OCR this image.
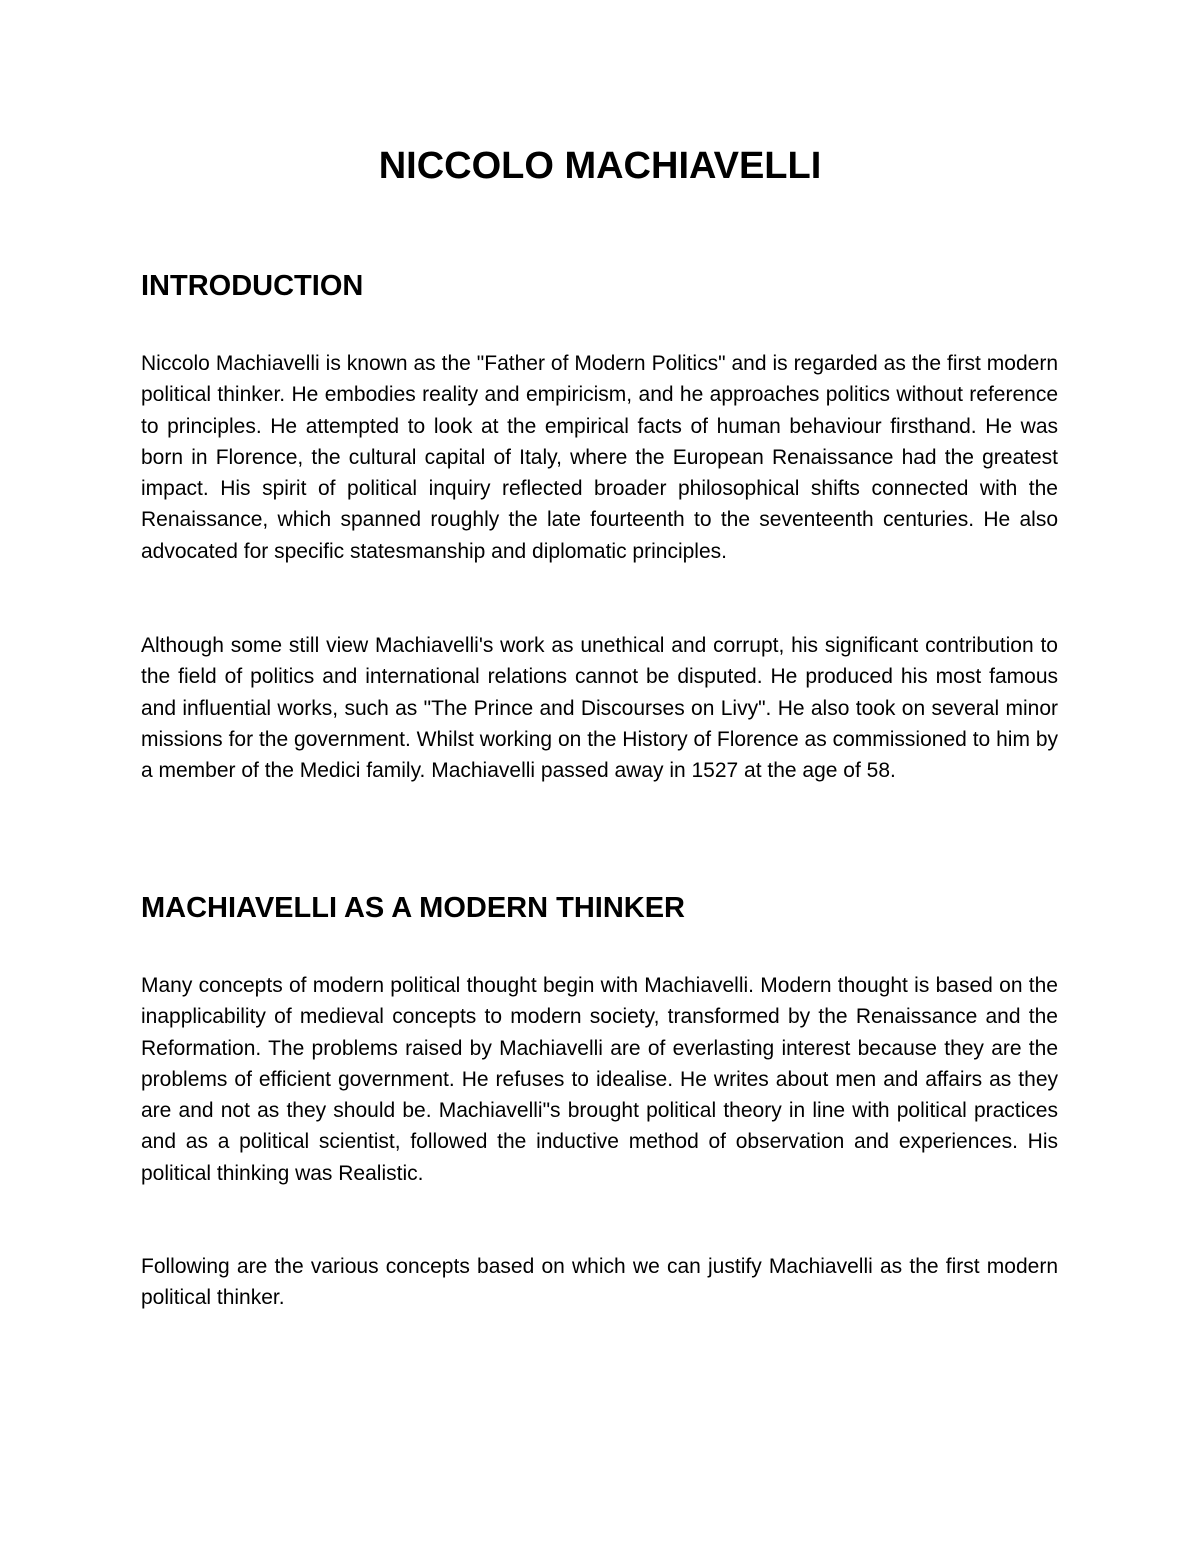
NICCOLO MACHIAVELLI
INTRODUCTION

Niccolo Machiavelli is known as the "Father of Modern Politics" and is regarded as the first modern political thinker. He embodies reality and empiricism, and he approaches politics without reference to principles. He attempted to look at the empirical facts of human behaviour firsthand. He was born in Florence, the cultural capital of Italy, where the European Renaissance had the greatest impact. His spirit of political inquiry reflected broader philosophical shifts connected with the Renaissance, which spanned roughly the late fourteenth to the seventeenth centuries. He also advocated for specific statesmanship and diplomatic principles.

Although some still view Machiavelli's work as unethical and corrupt, his significant contribution to the field of politics and international relations cannot be disputed. He produced his most famous and influential works, such as "The Prince and Discourses on Livy". He also took on several minor missions for the government. Whilst working on the History of Florence as commissioned to him by a member of the Medici family. Machiavelli passed away in 1527 at the age of 58.

MACHIAVELLI AS A MODERN THINKER

Many concepts of modern political thought begin with Machiavelli. Modern thought is based on the inapplicability of medieval concepts to modern society, transformed by the Renaissance and the Reformation. The problems raised by Machiavelli are of everlasting interest because they are the problems of efficient government. He refuses to idealise. He writes about men and affairs as they are and not as they should be. Machiavelli"s brought political theory in line with political practices and as a political scientist, followed the inductive method of observation and experiences. His political thinking was Realistic.

Following are the various concepts based on which we can justify Machiavelli as the first modern political thinker.
